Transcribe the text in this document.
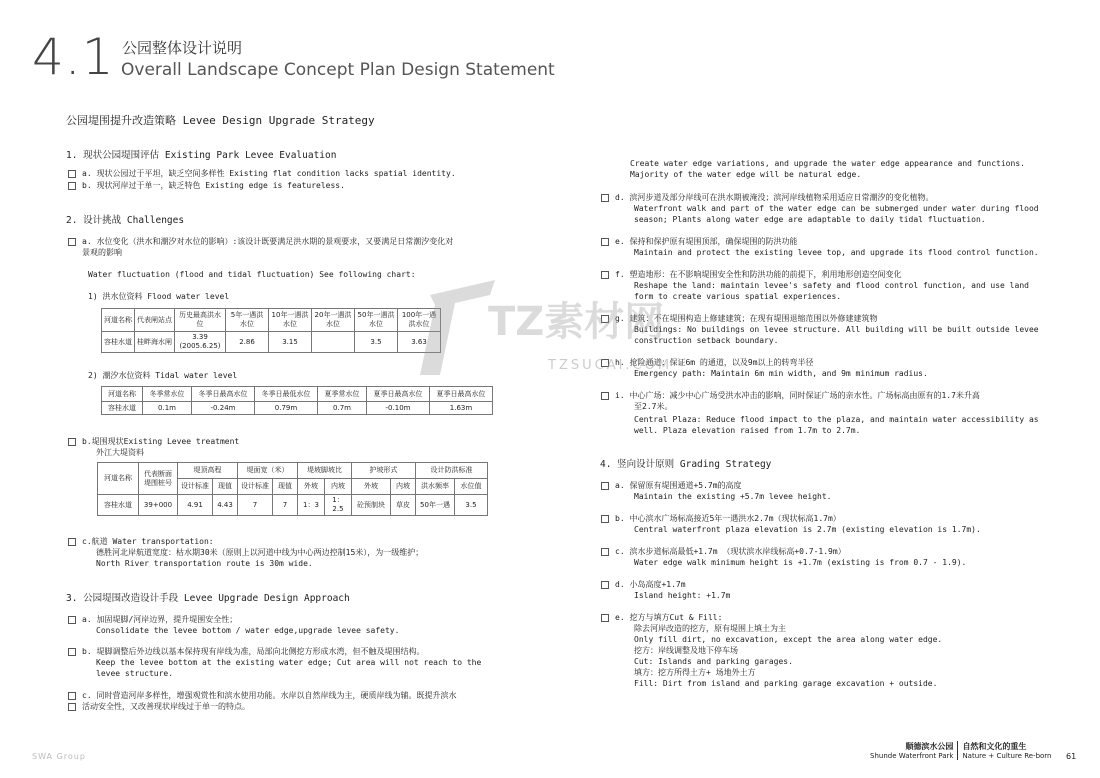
4.1 公园整体设计说明
Overall Landscape Concept Plan Design Statement
公园堤围提升改造策略 Levee Design Upgrade Strategy
1. 现状公园堤围评估 Existing Park Levee Evaluation
a. 现状公园过于平坦，缺乏空间多样性 Existing flat condition lacks spatial identity.
b. 现状河岸过于单一，缺乏特色 Existing edge is featureless.
2. 设计挑战 Challenges
a. 水位变化（洪水和潮汐对水位的影响）:该设计既要满足洪水期的景观要求，又要满足日常潮汐变化对
景观的影响
Water fluctuation (flood and tidal fluctuation) See following chart:
1) 洪水位资料 Flood water level
河道名称	代表闸站点	历史最高洪水位	5年一遇洪水位	10年一遇洪水位	20年一遇洪水位	50年一遇洪水位	100年一遇洪水位
容桂水道	桂畔海水闸	3.39
(2005.6.25)	2.86	3.15		3.5	3.63
2) 潮汐水位资料 Tidal water level
河道名称	冬季常水位	冬季日最高水位	冬季日最低水位	夏季常水位	夏季日最高水位	夏季日最高水位
容桂水道	0.1m	-0.24m	0.79m	0.7m	-0.10m	1.63m
b.堤围现状Existing Levee treatment
外江大堤资料
河道名称	代表断面堤围桩号	堤顶高程		堤面宽（米）		堤坡脚坡比		护坡形式		设计防洪标准	
		设计标准	现值	设计标准	现值	外坡	内坡	外坡	内坡	洪水频率	水位值
容桂水道	39+000	4.91	4.43	7	7	1：3	1：2.5	砼预制块	草皮	50年一遇	3.5
c.航道 Water transportation:
德胜河北岸航道宽度：枯水期30米（原则上以河道中线为中心两边控制15米），为一级维护；
North River transportation route is 30m wide.
3. 公园堤围改造设计手段 Levee Upgrade Design Approach
a. 加固堤脚/河岸边界，提升堤围安全性；
Consolidate the levee bottom / water edge,upgrade levee safety.
b. 堤脚调整后外边线以基本保持现有岸线为准，局部向北侧挖方形成水湾，但不触及堤围结构。
Keep the levee bottom at the existing water edge; Cut area will not reach to the
levee structure.
c. 同时营造河岸多样性，增强观赏性和滨水使用功能。水岸以自然岸线为主，硬质岸线为辅。既提升滨水
活动安全性，又改善现状岸线过于单一的特点。
Create water edge variations, and upgrade the water edge appearance and functions.
Majority of the water edge will be natural edge.
d. 滨河步道及部分岸线可在洪水期被淹没；滨河岸线植物采用适应日常潮汐的变化植物。
Waterfront walk and part of the water edge can be submerged under water during flood
season; Plants along water edge are adaptable to daily tidal fluctuation.
e. 保持和保护原有堤围顶部，确保堤围的防洪功能
Maintain and protect the existing levee top, and upgrade its flood control function.
f. 塑造地形：在不影响堤围安全性和防洪功能的前提下，利用地形创造空间变化
Reshape the land: maintain levee's safety and flood control function, and use land
form to create various spatial experiences.
g. 建筑：不在堤围构造上修建建筑；在现有堤围退缩范围以外修建建筑物
Buildings: No buildings on levee structure. All building will be built outside levee
construction setback boundary.
h. 抢险通道：保证6m 的通道，以及9m以上的转弯半径
Emergency path: Maintain 6m min width, and 9m minimum radius.
i. 中心广场：减少中心广场受洪水冲击的影响，同时保证广场的亲水性。广场标高由原有的1.7米升高
至2.7米。
Central Plaza: Reduce flood impact to the plaza, and maintain water accessibility as
well. Plaza elevation raised from 1.7m to 2.7m.
4. 竖向设计原则 Grading Strategy
a. 保留原有堤围通道+5.7m的高度
Maintain the existing +5.7m levee height.
b. 中心滨水广场标高接近5年一遇洪水2.7m（现状标高1.7m）
Central waterfront plaza elevation is 2.7m (existing elevation is 1.7m).
c. 滨水步道标高最低+1.7m （现状滨水岸线标高+0.7-1.9m）
Water edge walk minimum height is +1.7m (existing is from 0.7 - 1.9).
d. 小岛高度+1.7m
Island height: +1.7m
e. 挖方与填方Cut & Fill:
除去河岸改造的挖方，原有堤围上填土为主
Only fill dirt, no excavation, except the area along water edge.
挖方：岸线调整及地下停车场
Cut: Islands and parking garages.
填方：挖方所得土方+ 场地外土方
Fill: Dirt from island and parking garage excavation + outside.
TZ素材网
TZSUCAI.COM
SWA Group
顺德滨水公园
Shunde Waterfront Park
自然和文化的重生
Nature + Culture Re-born 61
